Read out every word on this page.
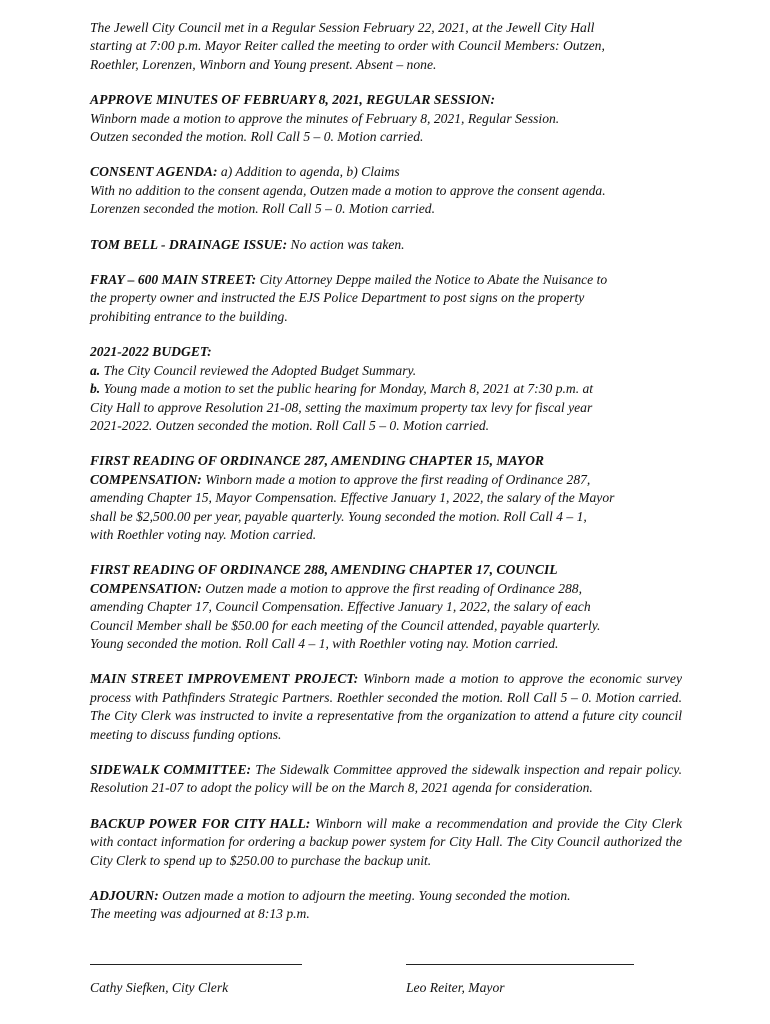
The Jewell City Council met in a Regular Session February 22, 2021, at the Jewell City Hall
starting at 7:00 p.m. Mayor Reiter called the meeting to order with Council Members: Outzen,
Roethler, Lorenzen, Winborn and Young present. Absent – none.

APPROVE MINUTES OF FEBRUARY 8, 2021, REGULAR SESSION:
Winborn made a motion to approve the minutes of February 8, 2021, Regular Session.
Outzen seconded the motion. Roll Call 5 – 0. Motion carried.

CONSENT AGENDA: a) Addition to agenda, b) Claims
With no addition to the consent agenda, Outzen made a motion to approve the consent agenda.
Lorenzen seconded the motion. Roll Call 5 – 0. Motion carried.

TOM BELL - DRAINAGE ISSUE: No action was taken.

FRAY – 600 MAIN STREET: City Attorney Deppe mailed the Notice to Abate the Nuisance to
the property owner and instructed the EJS Police Department to post signs on the property
prohibiting entrance to the building.

2021-2022 BUDGET:
a. The City Council reviewed the Adopted Budget Summary.
b. Young made a motion to set the public hearing for Monday, March 8, 2021 at 7:30 p.m. at
City Hall to approve Resolution 21-08, setting the maximum property tax levy for fiscal year
2021-2022. Outzen seconded the motion. Roll Call 5 – 0. Motion carried.

FIRST READING OF ORDINANCE 287, AMENDING CHAPTER 15, MAYOR
COMPENSATION: Winborn made a motion to approve the first reading of Ordinance 287,
amending Chapter 15, Mayor Compensation. Effective January 1, 2022, the salary of the Mayor
shall be $2,500.00 per year, payable quarterly. Young seconded the motion. Roll Call 4 – 1,
with Roethler voting nay. Motion carried.

FIRST READING OF ORDINANCE 288, AMENDING CHAPTER 17, COUNCIL
COMPENSATION: Outzen made a motion to approve the first reading of Ordinance 288,
amending Chapter 17, Council Compensation. Effective January 1, 2022, the salary of each
Council Member shall be $50.00 for each meeting of the Council attended, payable quarterly.
Young seconded the motion. Roll Call 4 – 1, with Roethler voting nay. Motion carried.

MAIN STREET IMPROVEMENT PROJECT: Winborn made a motion to approve the economic survey process with Pathfinders Strategic Partners. Roethler seconded the motion. Roll Call 5 – 0. Motion carried. The City Clerk was instructed to invite a representative from the organization to attend a future city council meeting to discuss funding options.

SIDEWALK COMMITTEE: The Sidewalk Committee approved the sidewalk inspection and repair policy. Resolution 21-07 to adopt the policy will be on the March 8, 2021 agenda for consideration.

BACKUP POWER FOR CITY HALL: Winborn will make a recommendation and provide the City Clerk with contact information for ordering a backup power system for City Hall. The City Council authorized the City Clerk to spend up to $250.00 to purchase the backup unit.

ADJOURN: Outzen made a motion to adjourn the meeting. Young seconded the motion.
The meeting was adjourned at 8:13 p.m.

Cathy Siefken, City Clerk	Leo Reiter, Mayor
